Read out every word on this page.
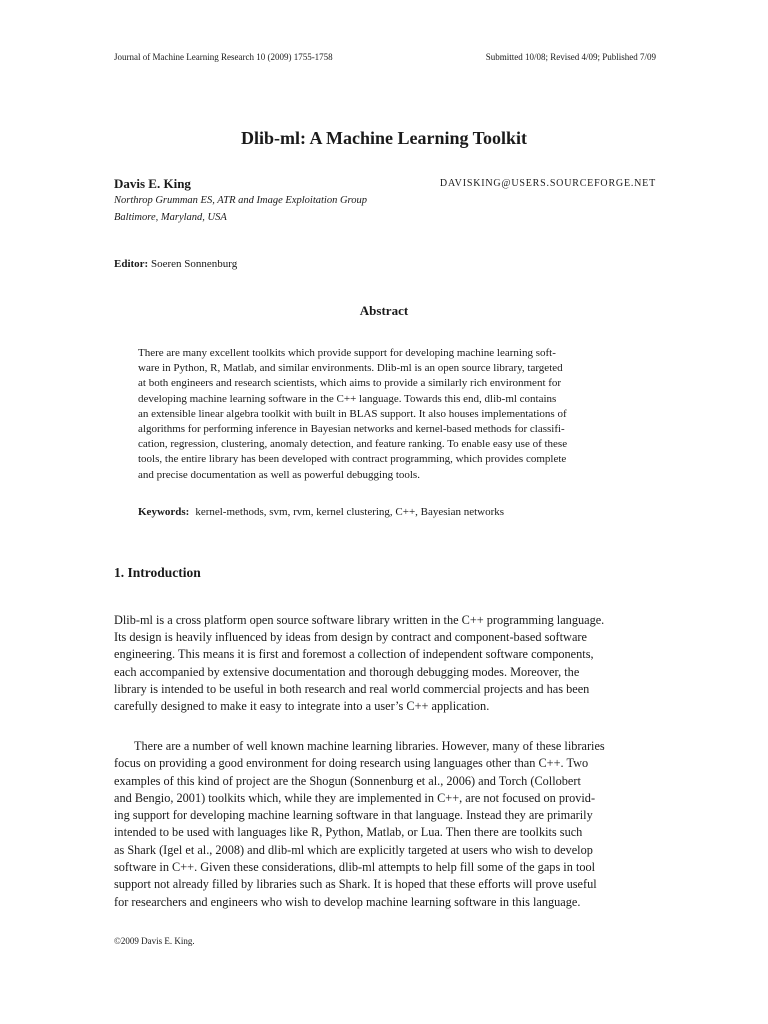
Journal of Machine Learning Research 10 (2009) 1755-1758	Submitted 10/08; Revised 4/09; Published 7/09
Dlib-ml: A Machine Learning Toolkit
Davis E. King	DAVISKING@USERS.SOURCEFORGE.NET
Northrop Grumman ES, ATR and Image Exploitation Group
Baltimore, Maryland, USA
Editor: Soeren Sonnenburg
Abstract
There are many excellent toolkits which provide support for developing machine learning soft-
ware in Python, R, Matlab, and similar environments. Dlib-ml is an open source library, targeted
at both engineers and research scientists, which aims to provide a similarly rich environment for
developing machine learning software in the C++ language. Towards this end, dlib-ml contains
an extensible linear algebra toolkit with built in BLAS support. It also houses implementations of
algorithms for performing inference in Bayesian networks and kernel-based methods for classifi-
cation, regression, clustering, anomaly detection, and feature ranking. To enable easy use of these
tools, the entire library has been developed with contract programming, which provides complete
and precise documentation as well as powerful debugging tools.
Keywords: kernel-methods, svm, rvm, kernel clustering, C++, Bayesian networks
1. Introduction
Dlib-ml is a cross platform open source software library written in the C++ programming language.
Its design is heavily influenced by ideas from design by contract and component-based software
engineering. This means it is first and foremost a collection of independent software components,
each accompanied by extensive documentation and thorough debugging modes. Moreover, the
library is intended to be useful in both research and real world commercial projects and has been
carefully designed to make it easy to integrate into a user’s C++ application.
There are a number of well known machine learning libraries. However, many of these libraries
focus on providing a good environment for doing research using languages other than C++. Two
examples of this kind of project are the Shogun (Sonnenburg et al., 2006) and Torch (Collobert
and Bengio, 2001) toolkits which, while they are implemented in C++, are not focused on provid-
ing support for developing machine learning software in that language. Instead they are primarily
intended to be used with languages like R, Python, Matlab, or Lua. Then there are toolkits such
as Shark (Igel et al., 2008) and dlib-ml which are explicitly targeted at users who wish to develop
software in C++. Given these considerations, dlib-ml attempts to help fill some of the gaps in tool
support not already filled by libraries such as Shark. It is hoped that these efforts will prove useful
for researchers and engineers who wish to develop machine learning software in this language.
©2009 Davis E. King.
